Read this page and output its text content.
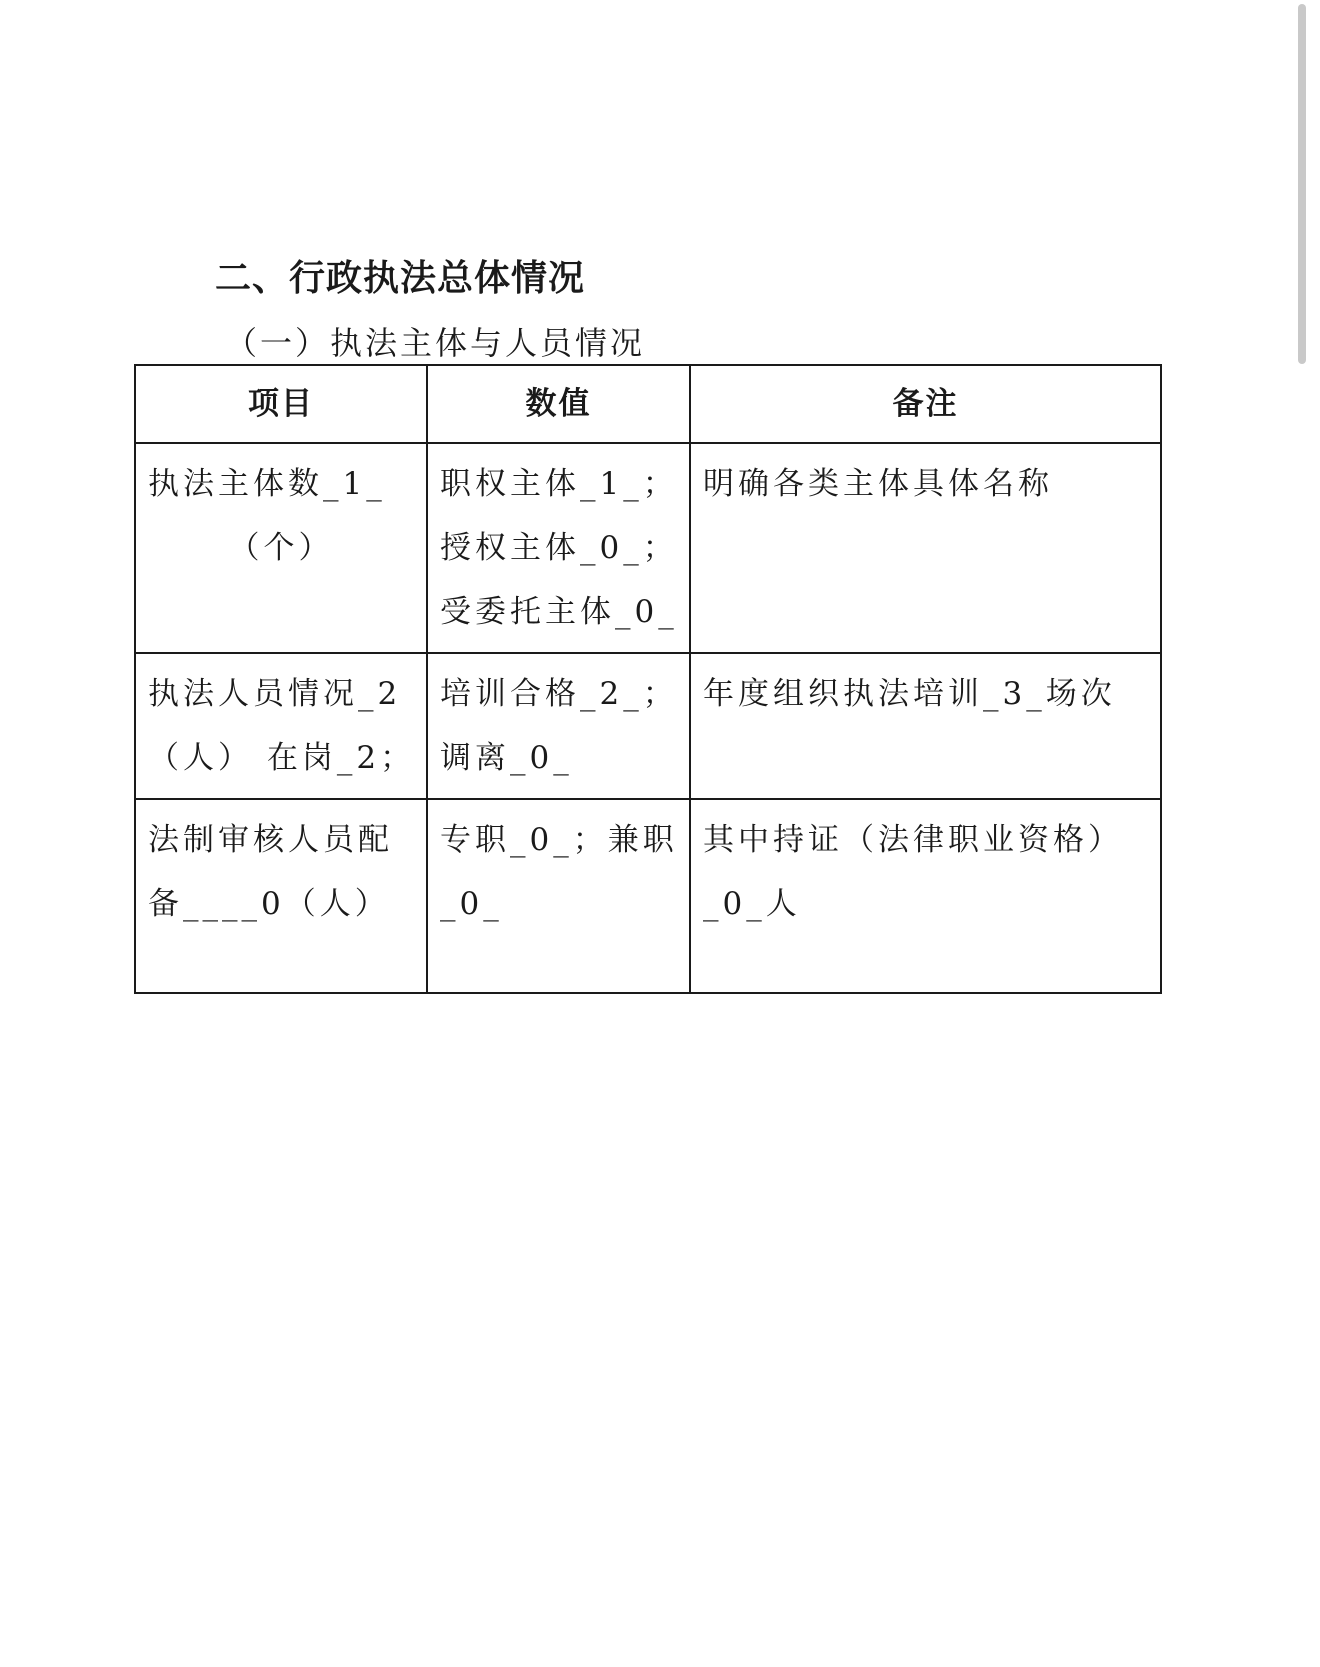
二、行政执法总体情况
（一）执法主体与人员情况
项目	数值	备注

执法主体数_1_
（个）	职权主体_1_；
授权主体_0_；
受委托主体_0_	明确各类主体具体名称

执法人员情况_2
（人） 在岗_2；	培训合格_2_；
调离_0_	年度组织执法培训_3_场次

法制审核人员配
备____0（人）	专职_0_；兼职
_0_	其中持证（法律职业资格）
_0_人
